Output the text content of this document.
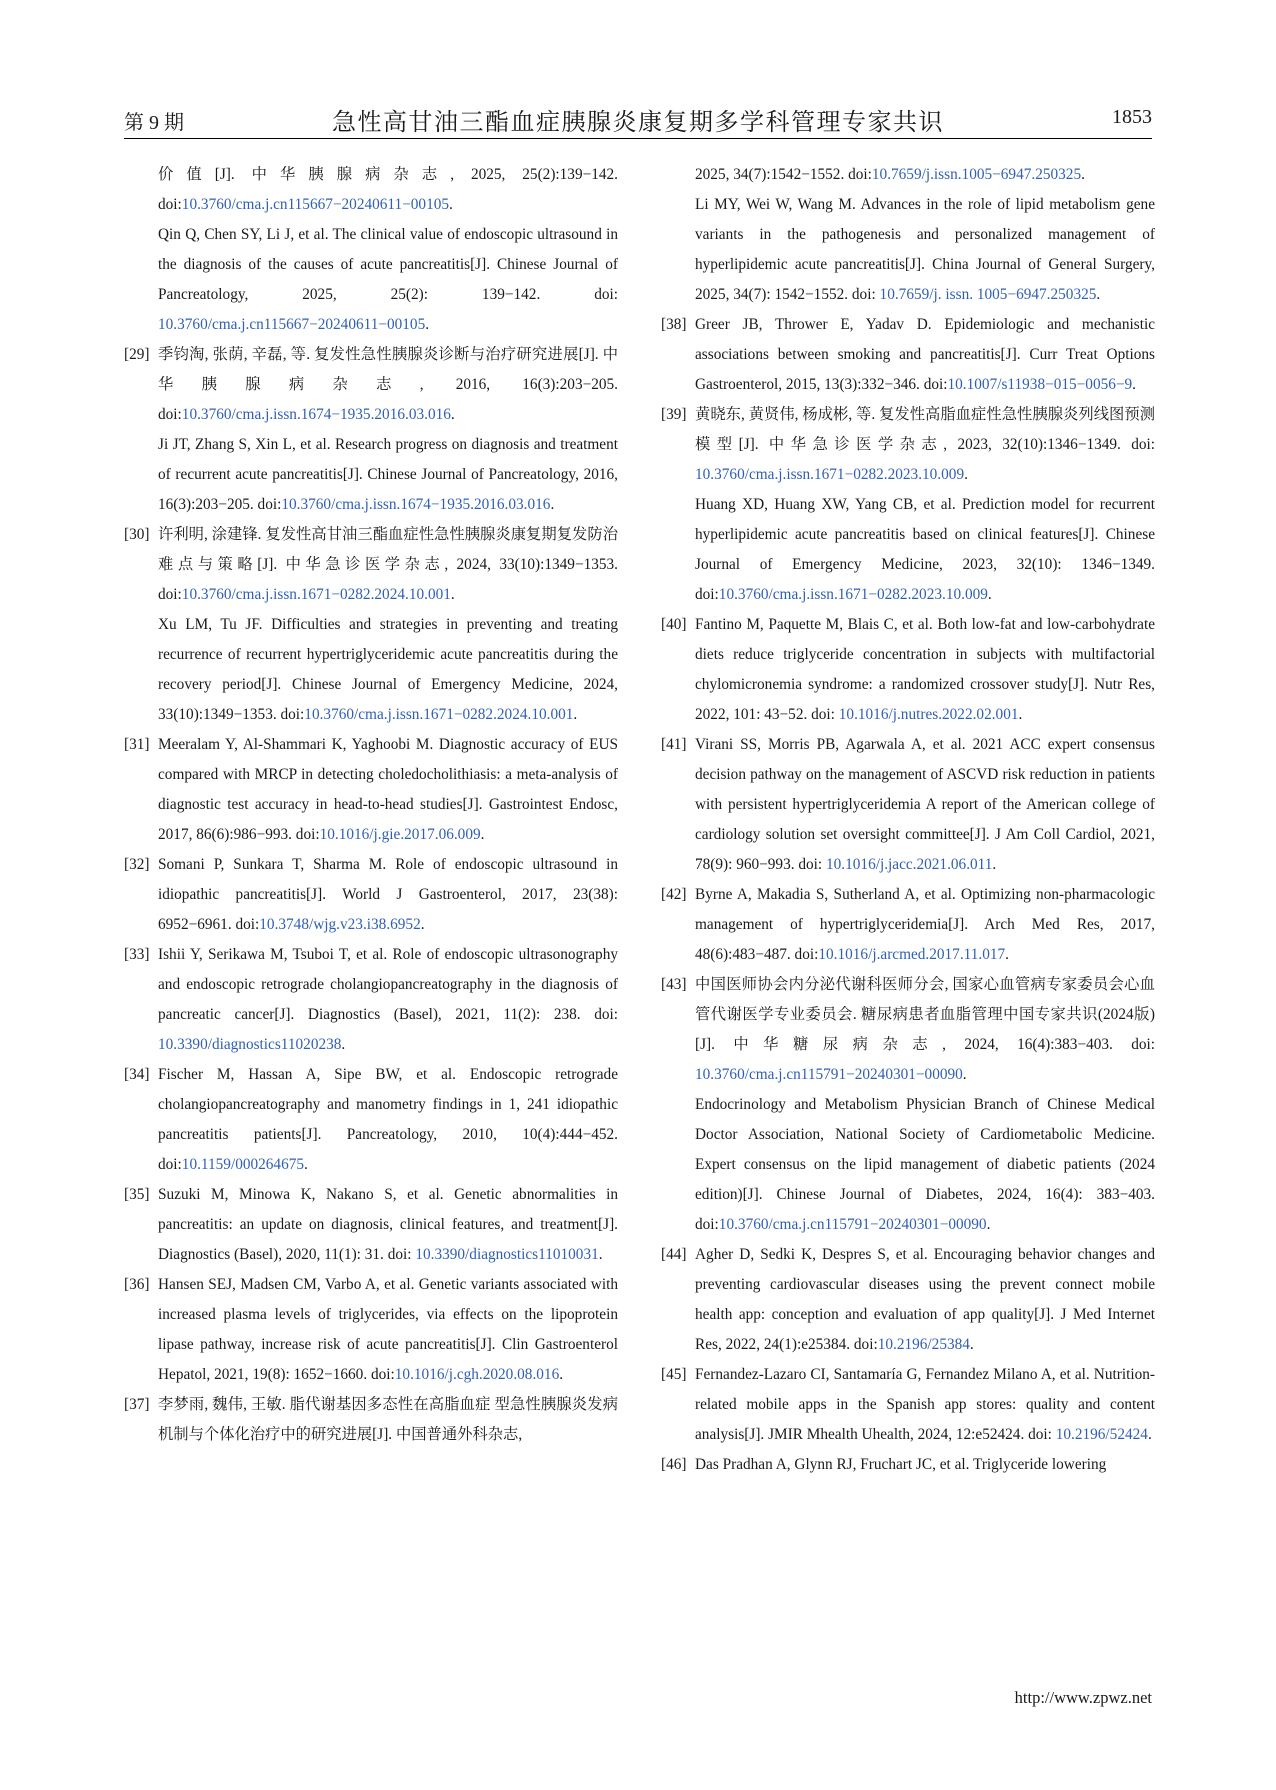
第 9 期	急性高甘油三酯血症胰腺炎康复期多学科管理专家共识	1853

价值[J]. 中华胰腺病杂志, 2025, 25(2):139−142. doi:10.3760/cma.j.cn115667−20240611−00105.

Qin Q, Chen SY, Li J, et al. The clinical value of endoscopic ultrasound in the diagnosis of the causes of acute pancreatitis[J]. Chinese Journal of Pancreatology, 2025, 25(2): 139−142. doi: 10.3760/cma.j.cn115667−20240611−00105.

[29] 季钧淘, 张荫, 辛磊, 等. 复发性急性胰腺炎诊断与治疗研究进展[J]. 中华胰腺病杂志, 2016, 16(3):203−205. doi:10.3760/cma.j.issn.1674−1935.2016.03.016.

Ji JT, Zhang S, Xin L, et al. Research progress on diagnosis and treatment of recurrent acute pancreatitis[J]. Chinese Journal of Pancreatology, 2016, 16(3):203−205. doi:10.3760/cma.j.issn.1674−1935.2016.03.016.

[30] 许利明, 涂建锋. 复发性高甘油三酯血症性急性胰腺炎康复期复发防治难点与策略[J]. 中华急诊医学杂志, 2024, 33(10):1349−1353. doi:10.3760/cma.j.issn.1671−0282.2024.10.001.

Xu LM, Tu JF. Difficulties and strategies in preventing and treating recurrence of recurrent hypertriglyceridemic acute pancreatitis during the recovery period[J]. Chinese Journal of Emergency Medicine, 2024, 33(10):1349−1353. doi:10.3760/cma.j.issn.1671−0282.2024.10.001.

[31] Meeralam Y, Al-Shammari K, Yaghoobi M. Diagnostic accuracy of EUS compared with MRCP in detecting choledocholithiasis: a meta-analysis of diagnostic test accuracy in head-to-head studies[J]. Gastrointest Endosc, 2017, 86(6):986−993. doi:10.1016/j.gie.2017.06.009.

[32] Somani P, Sunkara T, Sharma M. Role of endoscopic ultrasound in idiopathic pancreatitis[J]. World J Gastroenterol, 2017, 23(38): 6952−6961. doi:10.3748/wjg.v23.i38.6952.

[33] Ishii Y, Serikawa M, Tsuboi T, et al. Role of endoscopic ultrasonography and endoscopic retrograde cholangiopancreatography in the diagnosis of pancreatic cancer[J]. Diagnostics (Basel), 2021, 11(2): 238. doi: 10.3390/diagnostics11020238.

[34] Fischer M, Hassan A, Sipe BW, et al. Endoscopic retrograde cholangiopancreatography and manometry findings in 1, 241 idiopathic pancreatitis patients[J]. Pancreatology, 2010, 10(4):444−452. doi:10.1159/000264675.

[35] Suzuki M, Minowa K, Nakano S, et al. Genetic abnormalities in pancreatitis: an update on diagnosis, clinical features, and treatment[J]. Diagnostics (Basel), 2020, 11(1): 31. doi: 10.3390/diagnostics11010031.

[36] Hansen SEJ, Madsen CM, Varbo A, et al. Genetic variants associated with increased plasma levels of triglycerides, via effects on the lipoprotein lipase pathway, increase risk of acute pancreatitis[J]. Clin Gastroenterol Hepatol, 2021, 19(8): 1652−1660. doi:10.1016/j.cgh.2020.08.016.

[37] 李梦雨, 魏伟, 王敏. 脂代谢基因多态性在高脂血症 型急性胰腺炎发病机制与个体化治疗中的研究进展[J]. 中国普通外科杂志,

2025, 34(7):1542−1552. doi:10.7659/j.issn.1005−6947.250325.

Li MY, Wei W, Wang M. Advances in the role of lipid metabolism gene variants in the pathogenesis and personalized management of hyperlipidemic acute pancreatitis[J]. China Journal of General Surgery, 2025, 34(7): 1542−1552. doi: 10.7659/j. issn. 1005−6947.250325.

[38] Greer JB, Thrower E, Yadav D. Epidemiologic and mechanistic associations between smoking and pancreatitis[J]. Curr Treat Options Gastroenterol, 2015, 13(3):332−346. doi:10.1007/s11938−015−0056−9.

[39] 黄晓东, 黄贤伟, 杨成彬, 等. 复发性高脂血症性急性胰腺炎列线图预测模型[J]. 中华急诊医学杂志, 2023, 32(10):1346−1349. doi: 10.3760/cma.j.issn.1671−0282.2023.10.009.

Huang XD, Huang XW, Yang CB, et al. Prediction model for recurrent hyperlipidemic acute pancreatitis based on clinical features[J]. Chinese Journal of Emergency Medicine, 2023, 32(10): 1346−1349. doi:10.3760/cma.j.issn.1671−0282.2023.10.009.

[40] Fantino M, Paquette M, Blais C, et al. Both low-fat and low-carbohydrate diets reduce triglyceride concentration in subjects with multifactorial chylomicronemia syndrome: a randomized crossover study[J]. Nutr Res, 2022, 101: 43−52. doi: 10.1016/j.nutres.2022.02.001.

[41] Virani SS, Morris PB, Agarwala A, et al. 2021 ACC expert consensus decision pathway on the management of ASCVD risk reduction in patients with persistent hypertriglyceridemia A report of the American college of cardiology solution set oversight committee[J]. J Am Coll Cardiol, 2021, 78(9): 960−993. doi: 10.1016/j.jacc.2021.06.011.

[42] Byrne A, Makadia S, Sutherland A, et al. Optimizing non-pharmacologic management of hypertriglyceridemia[J]. Arch Med Res, 2017, 48(6):483−487. doi:10.1016/j.arcmed.2017.11.017.

[43] 中国医师协会内分泌代谢科医师分会, 国家心血管病专家委员会心血管代谢医学专业委员会. 糖尿病患者血脂管理中国专家共识(2024版)[J]. 中华糖尿病杂志, 2024, 16(4):383−403. doi: 10.3760/cma.j.cn115791−20240301−00090.

Endocrinology and Metabolism Physician Branch of Chinese Medical Doctor Association, National Society of Cardiometabolic Medicine. Expert consensus on the lipid management of diabetic patients (2024 edition)[J]. Chinese Journal of Diabetes, 2024, 16(4): 383−403. doi:10.3760/cma.j.cn115791−20240301−00090.

[44] Agher D, Sedki K, Despres S, et al. Encouraging behavior changes and preventing cardiovascular diseases using the prevent connect mobile health app: conception and evaluation of app quality[J]. J Med Internet Res, 2022, 24(1):e25384. doi:10.2196/25384.

[45] Fernandez-Lazaro CI, Santamaría G, Fernandez Milano A, et al. Nutrition-related mobile apps in the Spanish app stores: quality and content analysis[J]. JMIR Mhealth Uhealth, 2024, 12:e52424. doi: 10.2196/52424.

[46] Das Pradhan A, Glynn RJ, Fruchart JC, et al. Triglyceride lowering

http://www.zpwz.net
